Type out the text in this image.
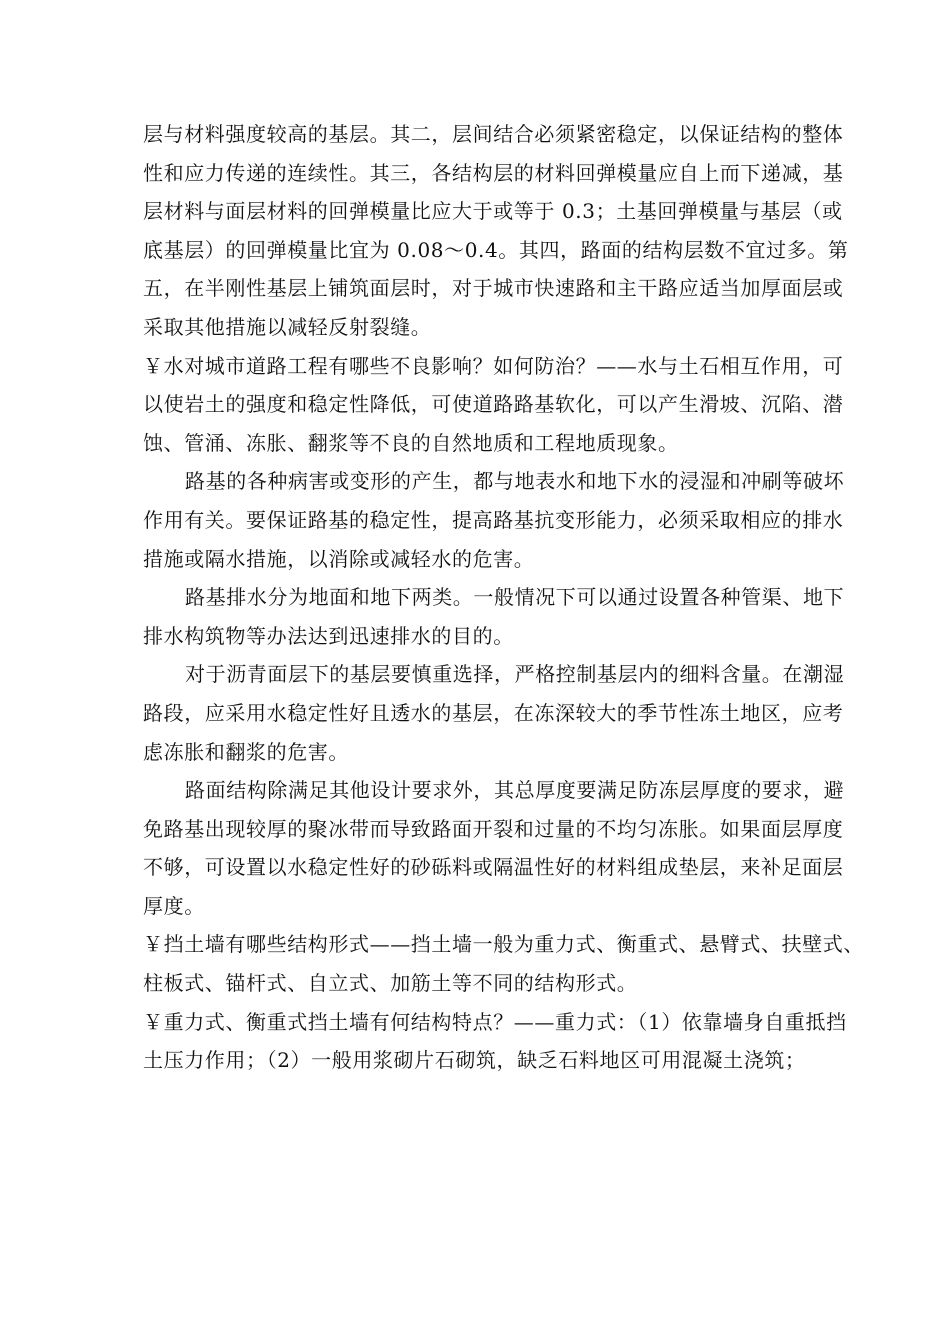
层与材料强度较高的基层。其二，层间结合必须紧密稳定，以保证结构的整体
性和应力传递的连续性。其三，各结构层的材料回弹模量应自上而下递减，基
层材料与面层材料的回弹模量比应大于或等于 0.3；土基回弹模量与基层（或
底基层）的回弹模量比宜为 0.08～0.4。其四，路面的结构层数不宜过多。第
五，在半刚性基层上铺筑面层时，对于城市快速路和主干路应适当加厚面层或
采取其他措施以减轻反射裂缝。
￥水对城市道路工程有哪些不良影响？如何防治？——水与土石相互作用，可
以使岩土的强度和稳定性降低，可使道路路基软化，可以产生滑坡、沉陷、潜
蚀、管涌、冻胀、翻浆等不良的自然地质和工程地质现象。
路基的各种病害或变形的产生，都与地表水和地下水的浸湿和冲刷等破坏
作用有关。要保证路基的稳定性，提高路基抗变形能力，必须采取相应的排水
措施或隔水措施，以消除或减轻水的危害。
路基排水分为地面和地下两类。一般情况下可以通过设置各种管渠、地下
排水构筑物等办法达到迅速排水的目的。
对于沥青面层下的基层要慎重选择，严格控制基层内的细料含量。在潮湿
路段，应采用水稳定性好且透水的基层，在冻深较大的季节性冻土地区，应考
虑冻胀和翻浆的危害。
路面结构除满足其他设计要求外，其总厚度要满足防冻层厚度的要求，避
免路基出现较厚的聚冰带而导致路面开裂和过量的不均匀冻胀。如果面层厚度
不够，可设置以水稳定性好的砂砾料或隔温性好的材料组成垫层，来补足面层
厚度。
￥挡土墙有哪些结构形式——挡土墙一般为重力式、衡重式、悬臂式、扶壁式、
柱板式、锚杆式、自立式、加筋土等不同的结构形式。
￥重力式、衡重式挡土墙有何结构特点？——重力式：（1）依靠墙身自重抵挡
土压力作用；（2）一般用浆砌片石砌筑，缺乏石料地区可用混凝土浇筑；
